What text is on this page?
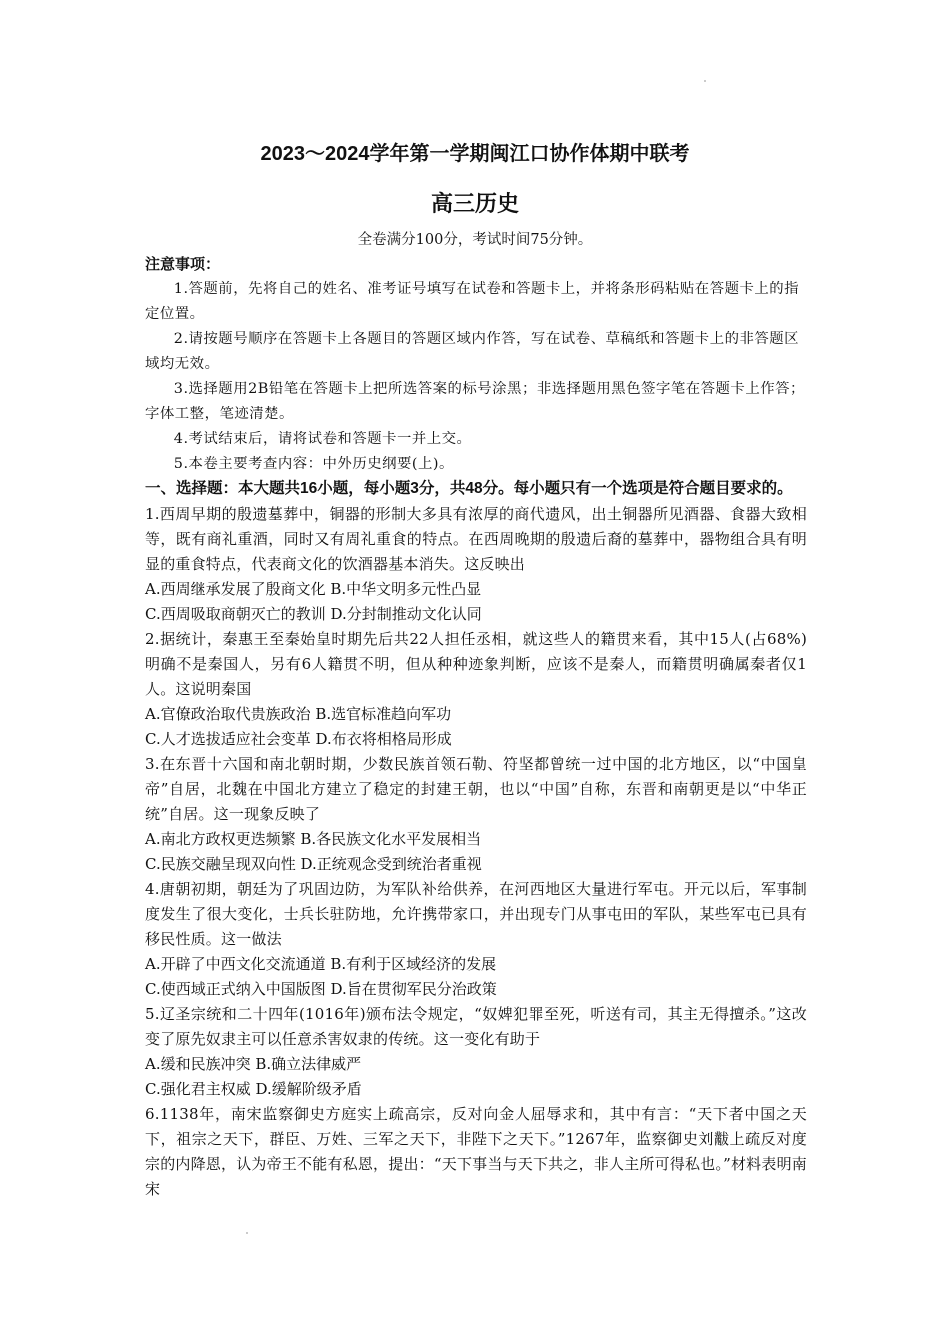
2023～2024学年第一学期闽江口协作体期中联考
高三历史
全卷满分100分，考试时间75分钟。

注意事项：

1.答题前，先将自己的姓名、准考证号填写在试卷和答题卡上，并将条形码粘贴在答题卡上的指定位置。

2.请按题号顺序在答题卡上各题目的答题区域内作答，写在试卷、草稿纸和答题卡上的非答题区域均无效。

3.选择题用2B铅笔在答题卡上把所选答案的标号涂黑；非选择题用黑色签字笔在答题卡上作答；字体工整，笔迹清楚。

4.考试结束后，请将试卷和答题卡一并上交。

5.本卷主要考查内容：中外历史纲要(上)。

一、选择题：本大题共16小题，每小题3分，共48分。每小题只有一个选项是符合题目要求的。

1.西周早期的殷遗墓葬中，铜器的形制大多具有浓厚的商代遗风，出土铜器所见酒器、食器大致相等，既有商礼重酒，同时又有周礼重食的特点。在西周晚期的殷遗后裔的墓葬中，器物组合具有明显的重食特点，代表商文化的饮酒器基本消失。这反映出

A.西周继承发展了殷商文化 B.中华文明多元性凸显

C.西周吸取商朝灭亡的教训 D.分封制推动文化认同

2.据统计，秦惠王至秦始皇时期先后共22人担任丞相，就这些人的籍贯来看，其中15人(占68%)明确不是秦国人，另有6人籍贯不明，但从种种迹象判断，应该不是秦人，而籍贯明确属秦者仅1人。这说明秦国

A.官僚政治取代贵族政治 B.选官标准趋向军功

C.人才选拔适应社会变革 D.布衣将相格局形成

3.在东晋十六国和南北朝时期，少数民族首领石勒、符坚都曾统一过中国的北方地区，以“中国皇帝”自居，北魏在中国北方建立了稳定的封建王朝，也以“中国”自称，东晋和南朝更是以“中华正统”自居。这一现象反映了

A.南北方政权更迭频繁 B.各民族文化水平发展相当

C.民族交融呈现双向性 D.正统观念受到统治者重视

4.唐朝初期，朝廷为了巩固边防，为军队补给供养，在河西地区大量进行军屯。开元以后，军事制度发生了很大变化，士兵长驻防地，允许携带家口，并出现专门从事屯田的军队，某些军屯已具有移民性质。这一做法

A.开辟了中西文化交流通道 B.有利于区域经济的发展

C.使西域正式纳入中国版图 D.旨在贯彻军民分治政策

5.辽圣宗统和二十四年(1016年)颁布法令规定，“奴婢犯罪至死，听送有司，其主无得擅杀。”这改变了原先奴隶主可以任意杀害奴隶的传统。这一变化有助于

A.缓和民族冲突 B.确立法律威严

C.强化君主权威 D.缓解阶级矛盾

6.1138年，南宋监察御史方庭实上疏高宗，反对向金人屈辱求和，其中有言：“天下者中国之天下，祖宗之天下，群臣、万姓、三军之天下，非陛下之天下。”1267年，监察御史刘黻上疏反对度宗的内降恩，认为帝王不能有私恩，提出：“天下事当与天下共之，非人主所可得私也。”材料表明南宋
